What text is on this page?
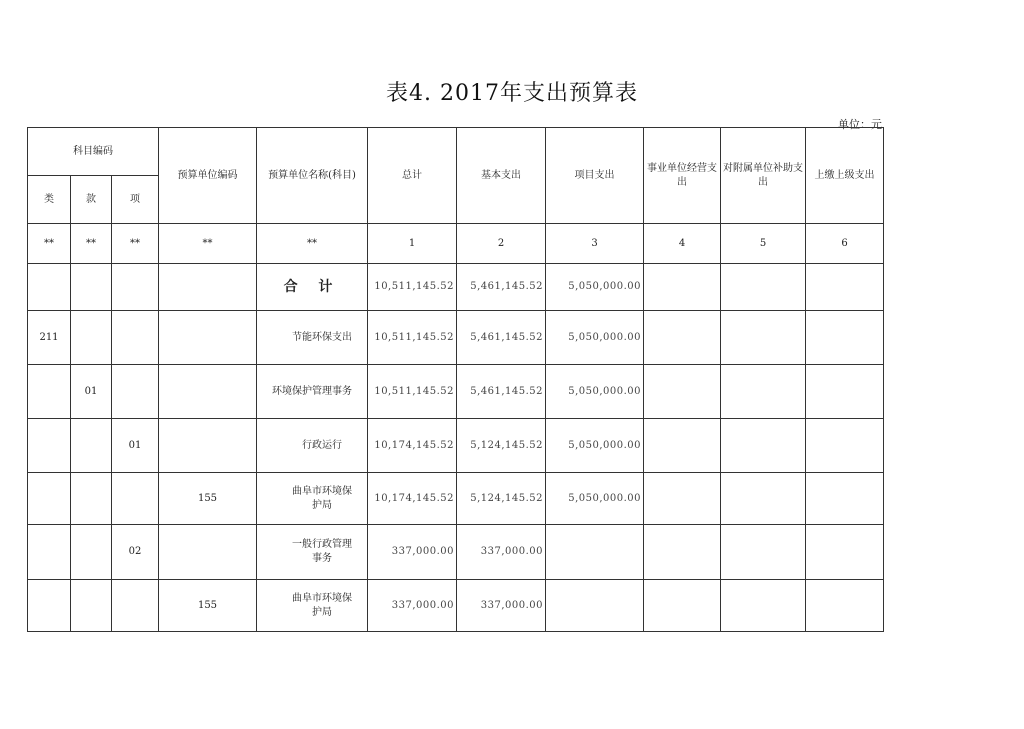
表4. 2017年支出预算表
单位：元
科目编码			预算单位编码	预算单位名称(科目)	总计	基本支出	项目支出	事业单位经营支出	对附属单位补助支出	上缴上级支出
类	款	项								
**	**	**	**	**	1	2	3	4	5	6
				合 计	10,511,145.52	5,461,145.52	5,050,000.00			
211				节能环保支出	10,511,145.52	5,461,145.52	5,050,000.00			
	01			环境保护管理事务	10,511,145.52	5,461,145.52	5,050,000.00			
		01		行政运行	10,174,145.52	5,124,145.52	5,050,000.00			
			155	曲阜市环境保护局	10,174,145.52	5,124,145.52	5,050,000.00			
		02		一般行政管理事务	337,000.00	337,000.00				
			155	曲阜市环境保护局	337,000.00	337,000.00				
